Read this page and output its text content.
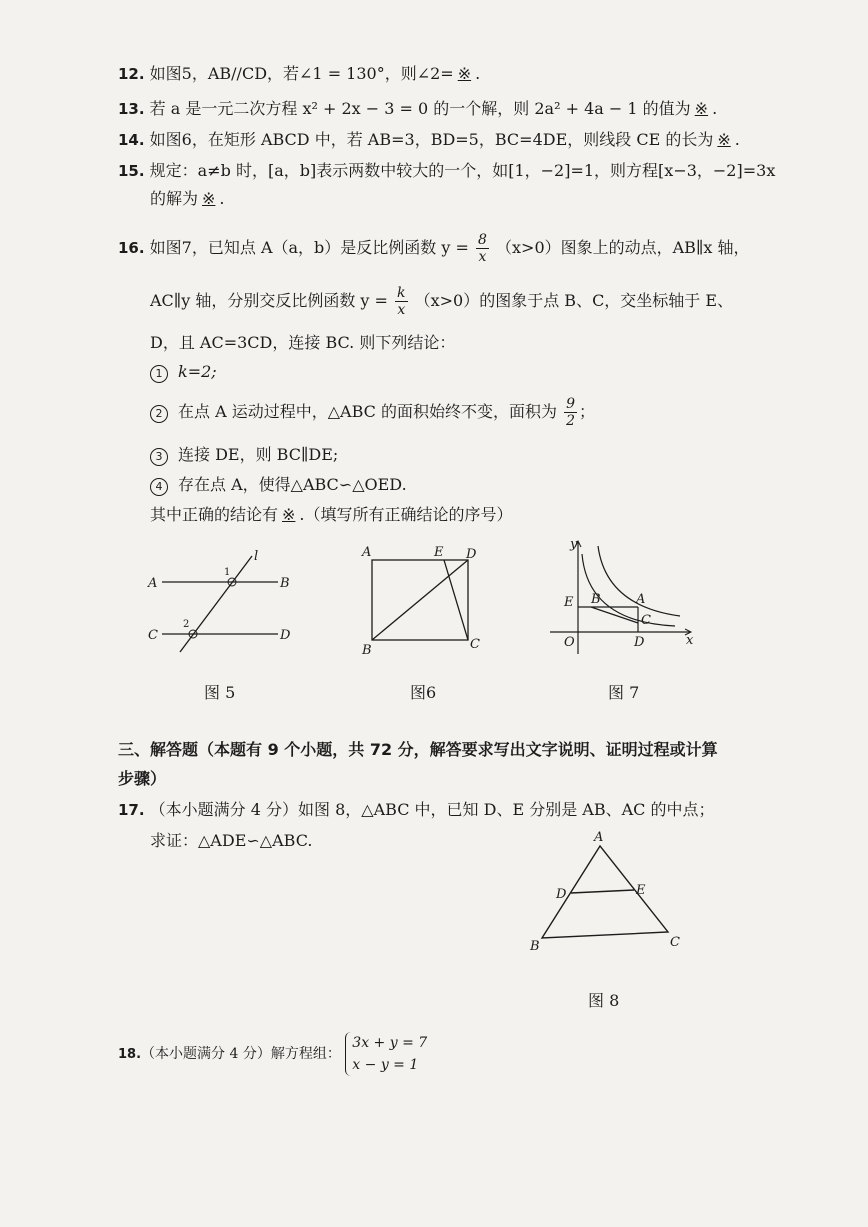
12. 如图5，AB//CD，若∠1 = 130°，则∠2= ※ .
13. 若 a 是一元二次方程 x² + 2x − 3 = 0 的一个解，则 2a² + 4a − 1 的值为 ※ .
14. 如图6，在矩形 ABCD 中，若 AB=3，BD=5，BC=4DE，则线段 CE 的长为 ※ .
15. 规定：a≠b 时，[a，b]表示两数中较大的一个，如[1，−2]=1，则方程[x−3，−2]=3x
的解为 ※ .
16. 如图7，已知点 A（a，b）是反比例函数 $y = \frac{8}{x} (x>0)$图象上的动点，AB∥x 轴，
AC∥y 轴，分别交反比例函数 $y = \frac{k}{x} (x>0)$的图象于点 B、C，交坐标轴于 E、
D，且 AC=3CD，连接 BC. 则下列结论：
1 k=2;
2 在点 A 运动过程中，△ABC 的面积始终不变，面积为 $\frac{9}{2}$ ；
3 连接 DE，则 BC∥DE;
4 存在点 A，使得△ABC∽△OED.
其中正确的结论有 ※ .（填写所有正确结论的序号）
A	B
C	D
l
1
2
图 5
A	E D
B	C
图6
y
x
O
E B	A
C
D
图 7
三、解答题（本题有 9 个小题，共 72 分，解答要求写出文字说明、证明过程或计算
步骤）
17. （本小题满分 4 分）如图 8，△ABC 中，已知 D、E 分别是 AB、AC 的中点；
求证：△ADE∽△ABC.	A
B	C
D	E
图 8
18.（本小题满分 4 分）解方程组：
3x + y = 7
x − y = 1
